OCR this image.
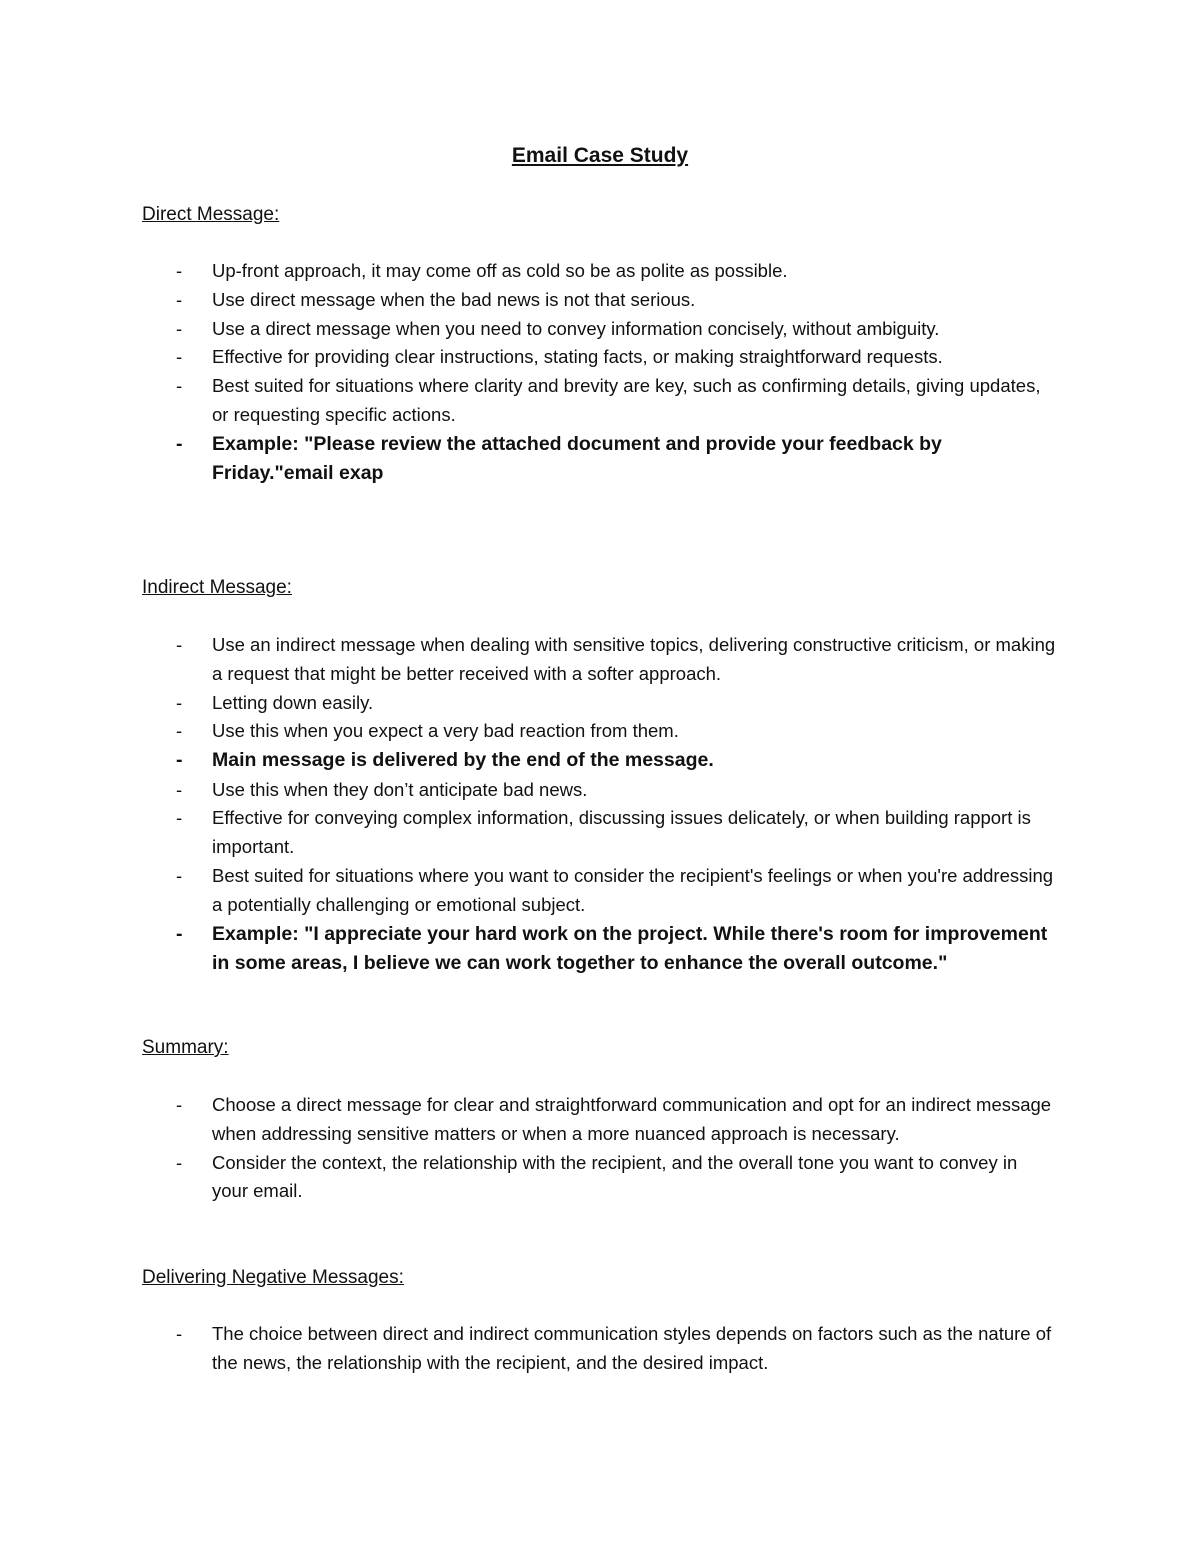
Email Case Study
Direct Message:
-	Up-front approach, it may come off as cold so be as polite as possible.
-	Use direct message when the bad news is not that serious.
-	Use a direct message when you need to convey information concisely, without ambiguity.
-	Effective for providing clear instructions, stating facts, or making straightforward requests.
-	Best suited for situations where clarity and brevity are key, such as confirming details, giving updates, or requesting specific actions.
-	Example: "Please review the attached document and provide your feedback by Friday."email exap
Indirect Message:
-	Use an indirect message when dealing with sensitive topics, delivering constructive criticism, or making a request that might be better received with a softer approach.
-	Letting down easily.
-	Use this when you expect a very bad reaction from them.
-	Main message is delivered by the end of the message.
-	Use this when they don’t anticipate bad news.
-	Effective for conveying complex information, discussing issues delicately, or when building rapport is important.
-	Best suited for situations where you want to consider the recipient's feelings or when you're addressing a potentially challenging or emotional subject.
-	Example: "I appreciate your hard work on the project. While there's room for improvement in some areas, I believe we can work together to enhance the overall outcome."
Summary:
-	Choose a direct message for clear and straightforward communication and opt for an indirect message when addressing sensitive matters or when a more nuanced approach is necessary.
-	Consider the context, the relationship with the recipient, and the overall tone you want to convey in your email.
Delivering Negative Messages:
-	The choice between direct and indirect communication styles depends on factors such as the nature of the news, the relationship with the recipient, and the desired impact.
